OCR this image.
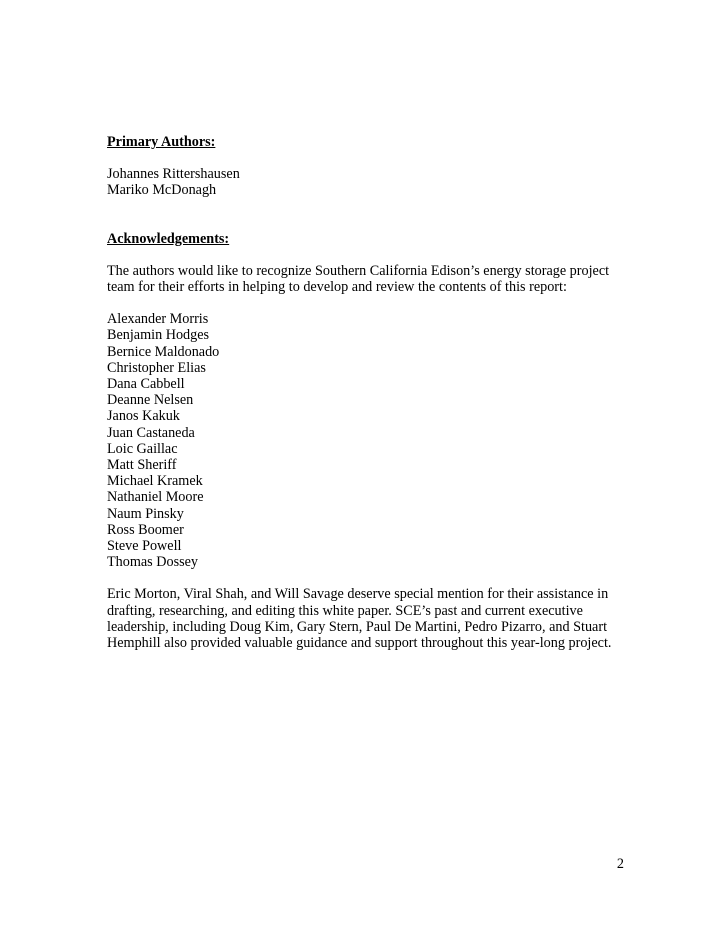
Primary Authors:

Johannes Rittershausen

Mariko McDonagh

Acknowledgements:

The authors would like to recognize Southern California Edison’s energy storage project

team for their efforts in helping to develop and review the contents of this report:

Alexander Morris

Benjamin Hodges

Bernice Maldonado

Christopher Elias

Dana Cabbell

Deanne Nelsen

Janos Kakuk

Juan Castaneda

Loic Gaillac

Matt Sheriff

Michael Kramek

Nathaniel Moore

Naum Pinsky

Ross Boomer

Steve Powell

Thomas Dossey

Eric Morton, Viral Shah, and Will Savage deserve special mention for their assistance in

drafting, researching, and editing this white paper. SCE’s past and current executive

leadership, including Doug Kim, Gary Stern, Paul De Martini, Pedro Pizarro, and Stuart

Hemphill also provided valuable guidance and support throughout this year-long project.

2
